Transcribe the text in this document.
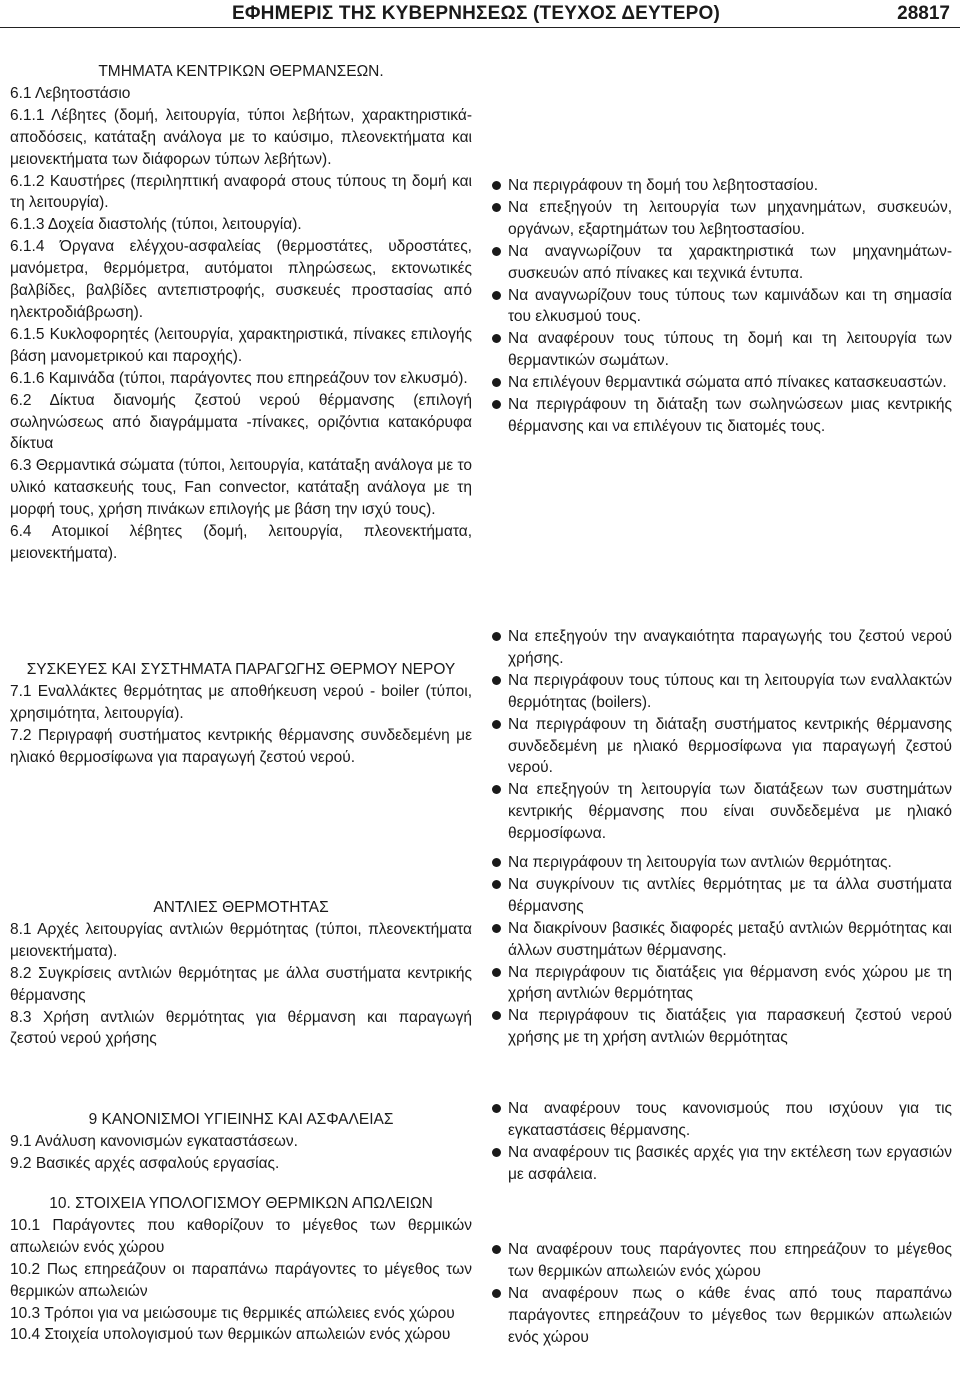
ΕΦΗΜΕΡΙΣ ΤΗΣ ΚΥΒΕΡΝΗΣΕΩΣ (ΤΕΥΧΟΣ ΔΕΥΤΕΡΟ)	28817

ΤΜΗΜΑΤΑ ΚΕΝΤΡΙΚΩΝ ΘΕΡΜΑΝΣΕΩΝ.

6.1 Λεβητοστάσιο

6.1.1 Λέβητες (δομή, λειτουργία, τύποι λεβήτων, χαρακτηριστικά-αποδόσεις, κατάταξη ανάλογα με το καύσιμο, πλεονεκτήματα και μειονεκτήματα των διάφορων τύπων λεβήτων).

6.1.2 Καυστήρες (περιληπτική αναφορά στους τύπους τη δομή και τη λειτουργία).

6.1.3 Δοχεία διαστολής (τύποι, λειτουργία).

6.1.4 Όργανα ελέγχου-ασφαλείας (θερμοστάτες, υδροστάτες, μανόμετρα, θερμόμετρα, αυτόματοι πληρώσεως, εκτονωτικές βαλβίδες, βαλβίδες αντεπιστροφής, συσκευές προστασίας από ηλεκτροδιάβρωση).

6.1.5 Κυκλοφορητές (λειτουργία, χαρακτηριστικά, πίνακες επιλογής βάση μανομετρικού και παροχής).

6.1.6 Καμινάδα (τύποι, παράγοντες που επηρεάζουν τον ελκυσμό).

6.2 Δίκτυα διανομής ζεστού νερού θέρμανσης (επιλογή σωληνώσεως από διαγράμματα -πίνακες, οριζόντια κατακόρυφα δίκτυα

6.3 Θερμαντικά σώματα (τύποι, λειτουργία, κατάταξη ανάλογα με το υλικό κατασκευής τους, Fan convector, κατάταξη ανάλογα με τη μορφή τους, χρήση πινάκων επιλογής με βάση την ισχύ τους).

6.4 Ατομικοί λέβητες (δομή, λειτουργία, πλεονεκτήματα, μειονεκτήματα).

ΣΥΣΚΕΥΕΣ ΚΑΙ ΣΥΣΤΗΜΑΤΑ ΠΑΡΑΓΩΓΗΣ ΘΕΡΜΟΥ ΝΕΡΟΥ

7.1 Εναλλάκτες θερμότητας με αποθήκευση νερού - boiler (τύποι, χρησιμότητα, λειτουργία).

7.2 Περιγραφή συστήματος κεντρικής θέρμανσης συνδεδεμένη με ηλιακό θερμοσίφωνα για παραγωγή ζεστού νερού.

ΑΝΤΛΙΕΣ ΘΕΡΜΟΤΗΤΑΣ

8.1 Αρχές λειτουργίας αντλιών θερμότητας (τύποι, πλεονεκτήματα μειονεκτήματα).

8.2 Συγκρίσεις αντλιών θερμότητας με άλλα συστήματα κεντρικής θέρμανσης

8.3 Χρήση αντλιών θερμότητας για θέρμανση και παραγωγή ζεστού νερού χρήσης

9 ΚΑΝΟΝΙΣΜΟΙ ΥΓΙΕΙΝΗΣ ΚΑΙ ΑΣΦΑΛΕΙΑΣ

9.1 Ανάλυση κανονισμών εγκαταστάσεων.

9.2 Βασικές αρχές ασφαλούς εργασίας.

10. ΣΤΟΙΧΕΙΑ ΥΠΟΛΟΓΙΣΜΟΥ ΘΕΡΜΙΚΩΝ ΑΠΩΛΕΙΩΝ

10.1 Παράγοντες που καθορίζουν το μέγεθος των θερμικών απωλειών ενός χώρου

10.2 Πως επηρεάζουν οι παραπάνω παράγοντες το μέγεθος των θερμικών απωλειών

10.3 Τρόποι για να μειώσουμε τις θερμικές απώλειες ενός χώρου

10.4 Στοιχεία υπολογισμού των θερμικών απωλειών ενός χώρου

Να περιγράφουν τη δομή του λεβητοστασίου.

Να επεξηγούν τη λειτουργία των μηχανημάτων, συσκευών, οργάνων, εξαρτημάτων του λεβητοστασίου.

Να αναγνωρίζουν τα χαρακτηριστικά των μηχανημάτων-συσκευών από πίνακες και τεχνικά έντυπα.

Να αναγνωρίζουν τους τύπους των καμινάδων και τη σημασία του ελκυσμού τους.

Να αναφέρουν τους τύπους τη δομή και τη λειτουργία των θερμαντικών σωμάτων.

Να επιλέγουν θερμαντικά σώματα από πίνακες κατασκευαστών.

Να περιγράφουν τη διάταξη των σωληνώσεων μιας κεντρικής θέρμανσης και να επιλέγουν τις διατομές τους.

Να επεξηγούν την αναγκαιότητα παραγωγής του ζεστού νερού χρήσης.

Να περιγράφουν τους τύπους και τη λειτουργία των εναλλακτών θερμότητας (boilers).

Να περιγράφουν τη διάταξη συστήματος κεντρικής θέρμανσης συνδεδεμένη με ηλιακό θερμοσίφωνα για παραγωγή ζεστού νερού.

Να επεξηγούν τη λειτουργία των διατάξεων των συστημάτων κεντρικής θέρμανσης που είναι συνδεδεμένα με ηλιακό θερμοσίφωνα.

Να περιγράφουν τη λειτουργία των αντλιών θερμότητας.

Να συγκρίνουν τις αντλίες θερμότητας με τα άλλα συστήματα θέρμανσης

Να διακρίνουν βασικές διαφορές μεταξύ αντλιών θερμότητας και άλλων συστημάτων θέρμανσης.

Να περιγράφουν τις διατάξεις για θέρμανση ενός χώρου με τη χρήση αντλιών θερμότητας

Να περιγράφουν τις διατάξεις για παρασκευή ζεστού νερού χρήσης με τη χρήση αντλιών θερμότητας

Να αναφέρουν τους κανονισμούς που ισχύουν για τις εγκαταστάσεις θέρμανσης.

Να αναφέρουν τις βασικές αρχές για την εκτέλεση των εργασιών με ασφάλεια.

Να αναφέρουν τους παράγοντες που επηρεάζουν το μέγεθος των θερμικών απωλειών ενός χώρου

Να αναφέρουν πως ο κάθε ένας από τους παραπάνω παράγοντες επηρεάζουν το μέγεθος των θερμικών απωλειών ενός χώρου
